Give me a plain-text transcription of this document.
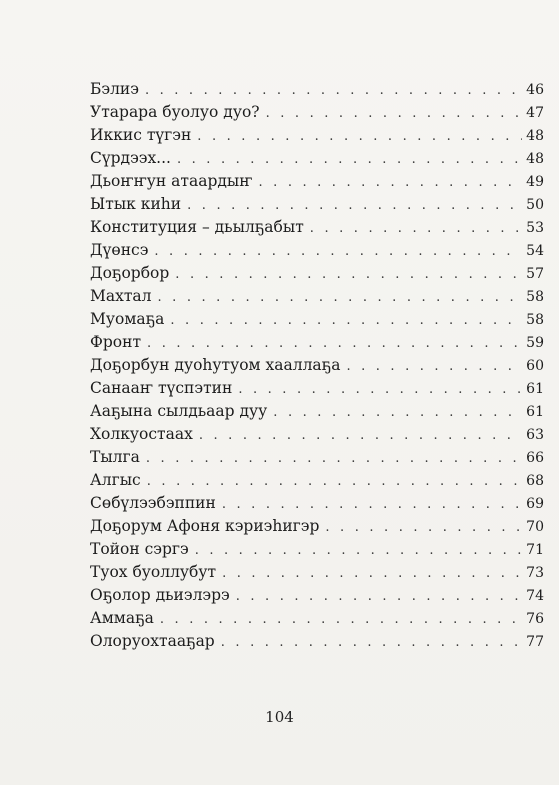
Бэлиэ . . .	46
Утарара буолуо дуо? . . .	47
Иккис түгэн . . .	48
Сүрдээх... . . .	48
Дьоҥҥун атаардыҥ . . .	49
Ытык киһи . . .	50
Конституция – дьылҕабыт . . .	53
Дүөнсэ . . .	54
Доҕорбор . . .	57
Махтал . . .	58
Муомаҕа . . .	58
Фронт . . .	59
Доҕорбун дуоһутуом хааллаҕа . . .	60
Санааҥ түспэтин . . .	61
Ааҕына сылдьаар дуу . . .	61
Холкуостаах . . .	63
Тылгa . . .	66
Алгыс . . .	68
Сөбүлээбэппин . . .	69
Доҕорум Афоня кэриэһигэр . . .	70
Тойон сэргэ . . .	71
Туох буоллубут . . .	73
Оҕолор дьиэлэрэ . . .	74
Аммаҕа . . .	76
Олоруохтааҕар . . .	77
104
